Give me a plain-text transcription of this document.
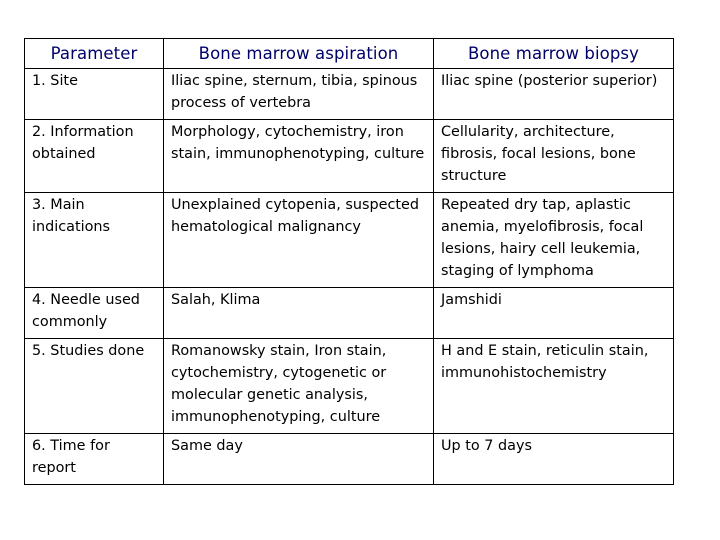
Parameter	Bone marrow aspiration	Bone marrow biopsy
1. Site	Iliac spine, sternum, tibia, spinous process of vertebra	Iliac spine (posterior superior)
2. Information obtained	Morphology, cytochemistry, iron stain, immunophenotyping, culture	Cellularity, architecture, fibrosis, focal lesions, bone structure
3. Main indications	Unexplained cytopenia, suspected hematological malignancy	Repeated dry tap, aplastic anemia, myelofibrosis, focal lesions, hairy cell leukemia, staging of lymphoma
4. Needle used commonly	Salah, Klima	Jamshidi
5. Studies done	Romanowsky stain, Iron stain, cytochemistry, cytogenetic or molecular genetic analysis, immunophenotyping, culture	H and E stain, reticulin stain, immunohistochemistry
6. Time for report	Same day	Up to 7 days
